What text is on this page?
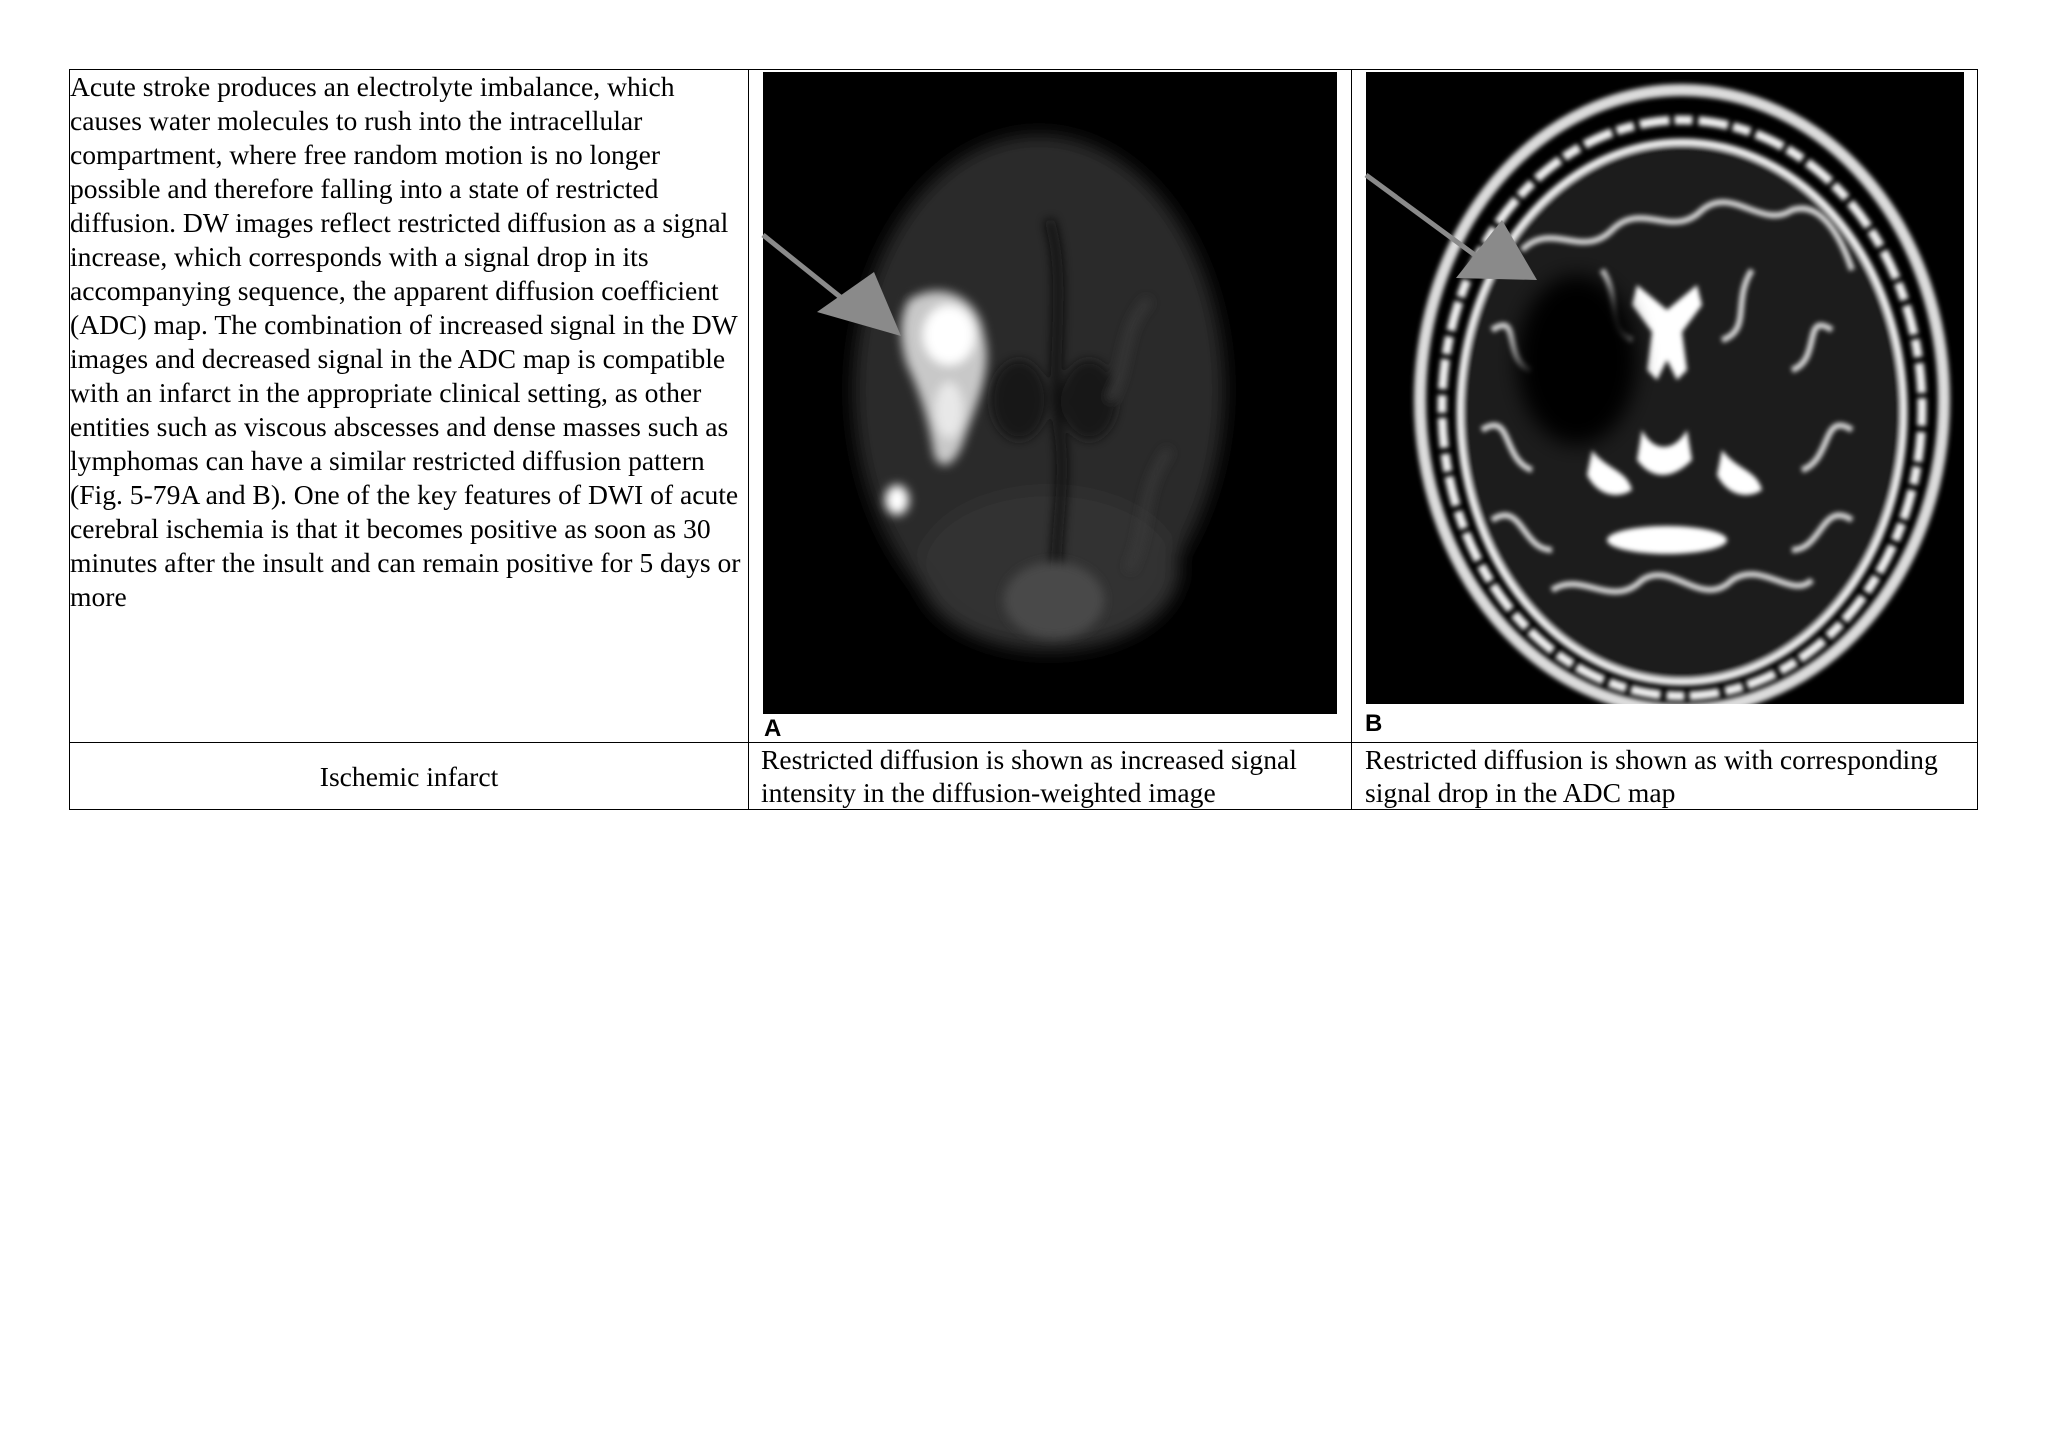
Acute stroke produces an electrolyte imbalance, which causes water molecules to rush into the intracellular compartment, where free random motion is no longer possible and therefore falling into a state of restricted diffusion. DW images reflect restricted diffusion as a signal increase, which corresponds with a signal drop in its accompanying sequence, the apparent diffusion coefficient (ADC) map. The combination of increased signal in the DW images and decreased signal in the ADC map is compatible with an infarct in the appropriate clinical setting, as other entities such as viscous abscesses and dense masses such as lymphomas can have a similar restricted diffusion pattern (Fig. 5-79A and B). One of the key features of DWI of acute cerebral ischemia is that it becomes positive as soon as 30 minutes after the insult and can remain positive for 5 days or more	A	B

Ischemic infarct	Restricted diffusion is shown as increased signal intensity in the diffusion-weighted image	Restricted diffusion is shown as with corresponding signal drop in the ADC map
